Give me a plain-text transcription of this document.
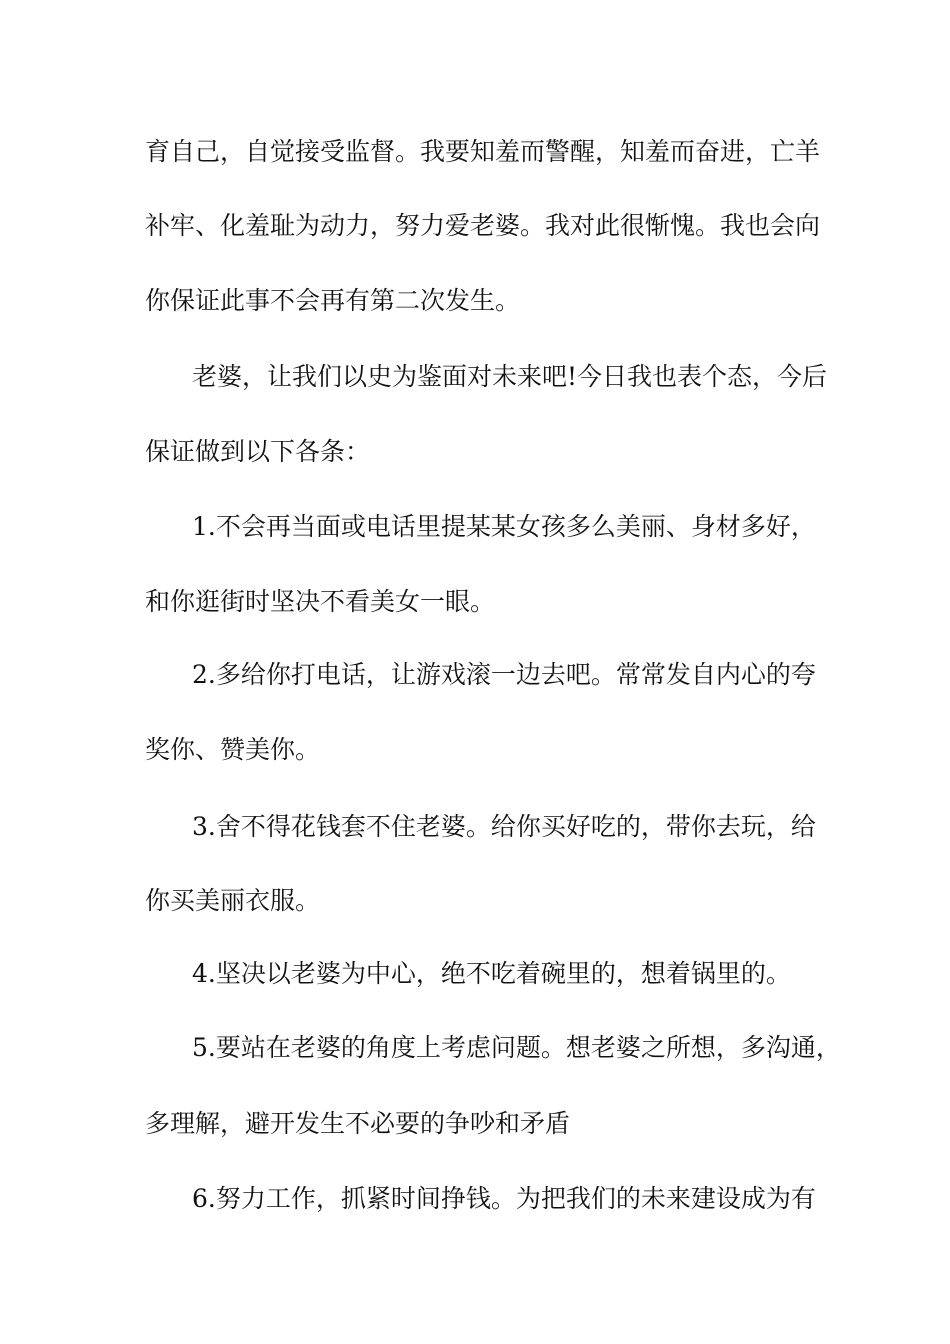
育自己，自觉接受监督。我要知羞而警醒，知羞而奋进，亡羊
补牢、化羞耻为动力，努力爱老婆。我对此很惭愧。我也会向
你保证此事不会再有第二次发生。
老婆，让我们以史为鉴面对未来吧!今日我也表个态，今后
保证做到以下各条：
1.不会再当面或电话里提某某女孩多么美丽、身材多好，
和你逛街时坚决不看美女一眼。
2.多给你打电话，让游戏滚一边去吧。常常发自内心的夸
奖你、赞美你。
3.舍不得花钱套不住老婆。给你买好吃的，带你去玩，给
你买美丽衣服。
4.坚决以老婆为中心，绝不吃着碗里的，想着锅里的。
5.要站在老婆的角度上考虑问题。想老婆之所想，多沟通，
多理解，避开发生不必要的争吵和矛盾
6.努力工作，抓紧时间挣钱。为把我们的未来建设成为有
